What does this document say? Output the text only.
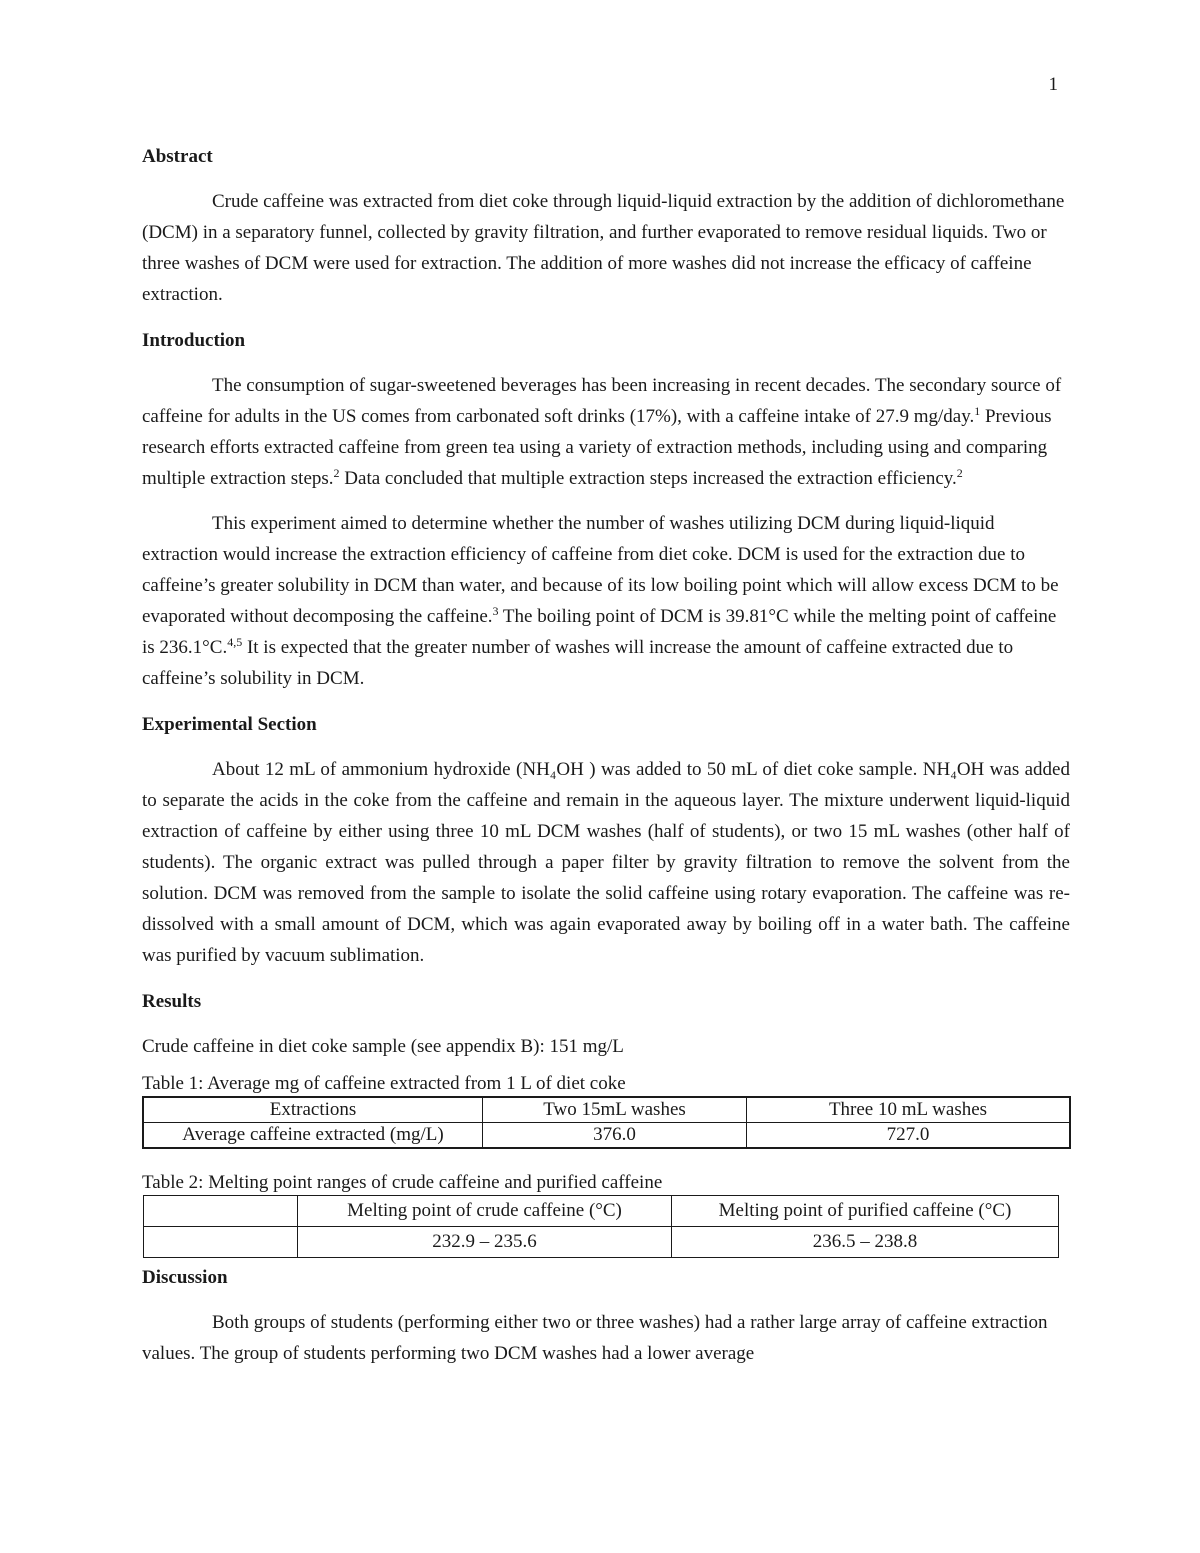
1
Abstract

Crude caffeine was extracted from diet coke through liquid-liquid extraction by the addition of dichloromethane (DCM) in a separatory funnel, collected by gravity filtration, and further evaporated to remove residual liquids. Two or three washes of DCM were used for extraction. The addition of more washes did not increase the efficacy of caffeine extraction.

Introduction

The consumption of sugar-sweetened beverages has been increasing in recent decades. The secondary source of caffeine for adults in the US comes from carbonated soft drinks (17%), with a caffeine intake of 27.9 mg/day.$^1$ Previous research efforts extracted caffeine from green tea using a variety of extraction methods, including using and comparing multiple extraction steps.$^2$ Data concluded that multiple extraction steps increased the extraction efficiency.$^2$

This experiment aimed to determine whether the number of washes utilizing DCM during liquid-liquid extraction would increase the extraction efficiency of caffeine from diet coke. DCM is used for the extraction due to caffeine’s greater solubility in DCM than water, and because of its low boiling point which will allow excess DCM to be evaporated without decomposing the caffeine.$^3$ The boiling point of DCM is 39.81°C while the melting point of caffeine is 236.1°C.$^{4,5}$ It is expected that the greater number of washes will increase the amount of caffeine extracted due to caffeine’s solubility in DCM.

Experimental Section

About 12 mL of ammonium hydroxide (NH₄OH ) was added to 50 mL of diet coke sample. NH₄OH was added to separate the acids in the coke from the caffeine and remain in the aqueous layer. The mixture underwent liquid-liquid extraction of caffeine by either using three 10 mL DCM washes (half of students), or two 15 mL washes (other half of students). The organic extract was pulled through a paper filter by gravity filtration to remove the solvent from the solution. DCM was removed from the sample to isolate the solid caffeine using rotary evaporation. The caffeine was re-dissolved with a small amount of DCM, which was again evaporated away by boiling off in a water bath. The caffeine was purified by vacuum sublimation.

Results

Crude caffeine in diet coke sample (see appendix B): 151 mg/L

Table 1: Average mg of caffeine extracted from 1 L of diet coke

Extractions	Two 15mL washes	Three 10 mL washes
Average caffeine extracted (mg/L)	376.0	727.0

Table 2: Melting point ranges of crude caffeine and purified caffeine

	Melting point of crude caffeine (°C)	Melting point of purified caffeine (°C)
	232.9 – 235.6	236.5 – 238.8
Discussion

Both groups of students (performing either two or three washes) had a rather large array of caffeine extraction values. The group of students performing two DCM washes had a lower average
